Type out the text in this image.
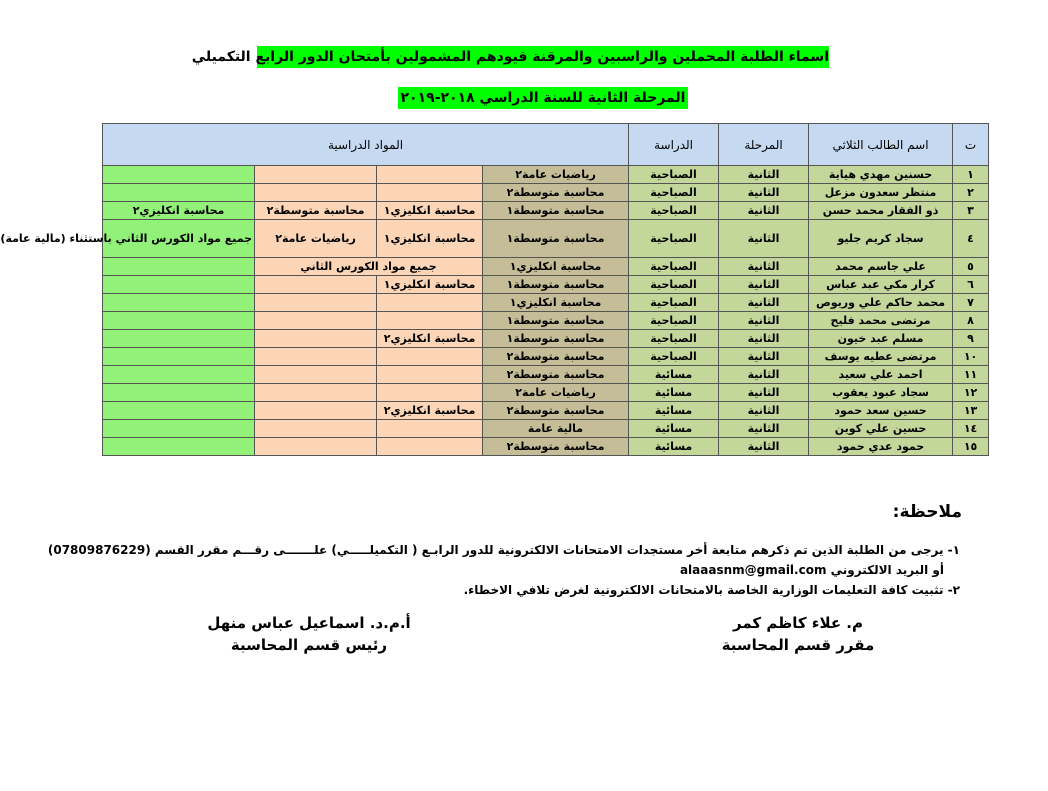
اسماء الطلبة المحملين والراسبين والمرقنة قيودهم المشمولين بأمتحان الدور الرابع التكميلي
المرحلة الثانية للسنة الدراسي ٢٠١٨-٢٠١٩
ت	اسم الطالب الثلاثي	المرحلة	الدراسة	المواد الدراسية			
١	حسنين مهدي هياية	الثانية	الصباحية	رياضيات عامة٢			
٢	منتظر سعدون مزعل	الثانية	الصباحية	محاسبة متوسطة٢			
٣	ذو الفقار محمد حسن	الثانية	الصباحية	محاسبة متوسطة١	محاسبة انكليزي١	محاسبة متوسطة٢	محاسبة انكليزي٢
٤	سجاد كريم جليو	الثانية	الصباحية	محاسبة متوسطة١	محاسبة انكليزي١	رياضيات عامة٢	جميع مواد الكورس الثاني باستثناء (مالية عامة)
٥	علي جاسم محمد	الثانية	الصباحية	محاسبة انكليزي١	جميع مواد الكورس الثاني		
٦	كرار مكي عبد عباس	الثانية	الصباحية	محاسبة متوسطة١	محاسبة انكليزي١		
٧	محمد حاكم علي وريوص	الثانية	الصباحية	محاسبة انكليزي١			
٨	مرتضى محمد فليح	الثانية	الصباحية	محاسبة متوسطة١			
٩	مسلم عبد خيون	الثانية	الصباحية	محاسبة متوسطة١	محاسبة انكليزي٢		
١٠	مرتضى عطيه يوسف	الثانية	الصباحية	محاسبة متوسطة٢			
١١	احمد علي سعيد	الثانية	مسائية	محاسبة متوسطة٢			
١٢	سجاد عبود يعقوب	الثانية	مسائية	رياضيات عامة٢			
١٣	حسين سعد حمود	الثانية	مسائية	محاسبة متوسطة٢	محاسبة انكليزي٢		
١٤	حسين علي كوين	الثانية	مسائية	مالية عامة			
١٥	حمود عدي حمود	الثانية	مسائية	محاسبة متوسطة٢			
ملاحظة:
١- يرجى من الطلبة الذين تم ذكرهم متابعة أخر مستجدات الامتحانات الالكترونية للدور الرابـع ( التكميلـــــي) علـــــــى رقـــم مقرر القسم (07809876229)
أو البريد الالكتروني alaaasnm@gmail.com
٢- تثبيت كافة التعليمات الوزارية الخاصة بالامتحانات الالكترونية لغرض تلافي الاخطاء.
م. علاء كاظم كمر
مقرر قسم المحاسبة
أ.م.د. اسماعيل عباس منهل
رئيس قسم المحاسبة
